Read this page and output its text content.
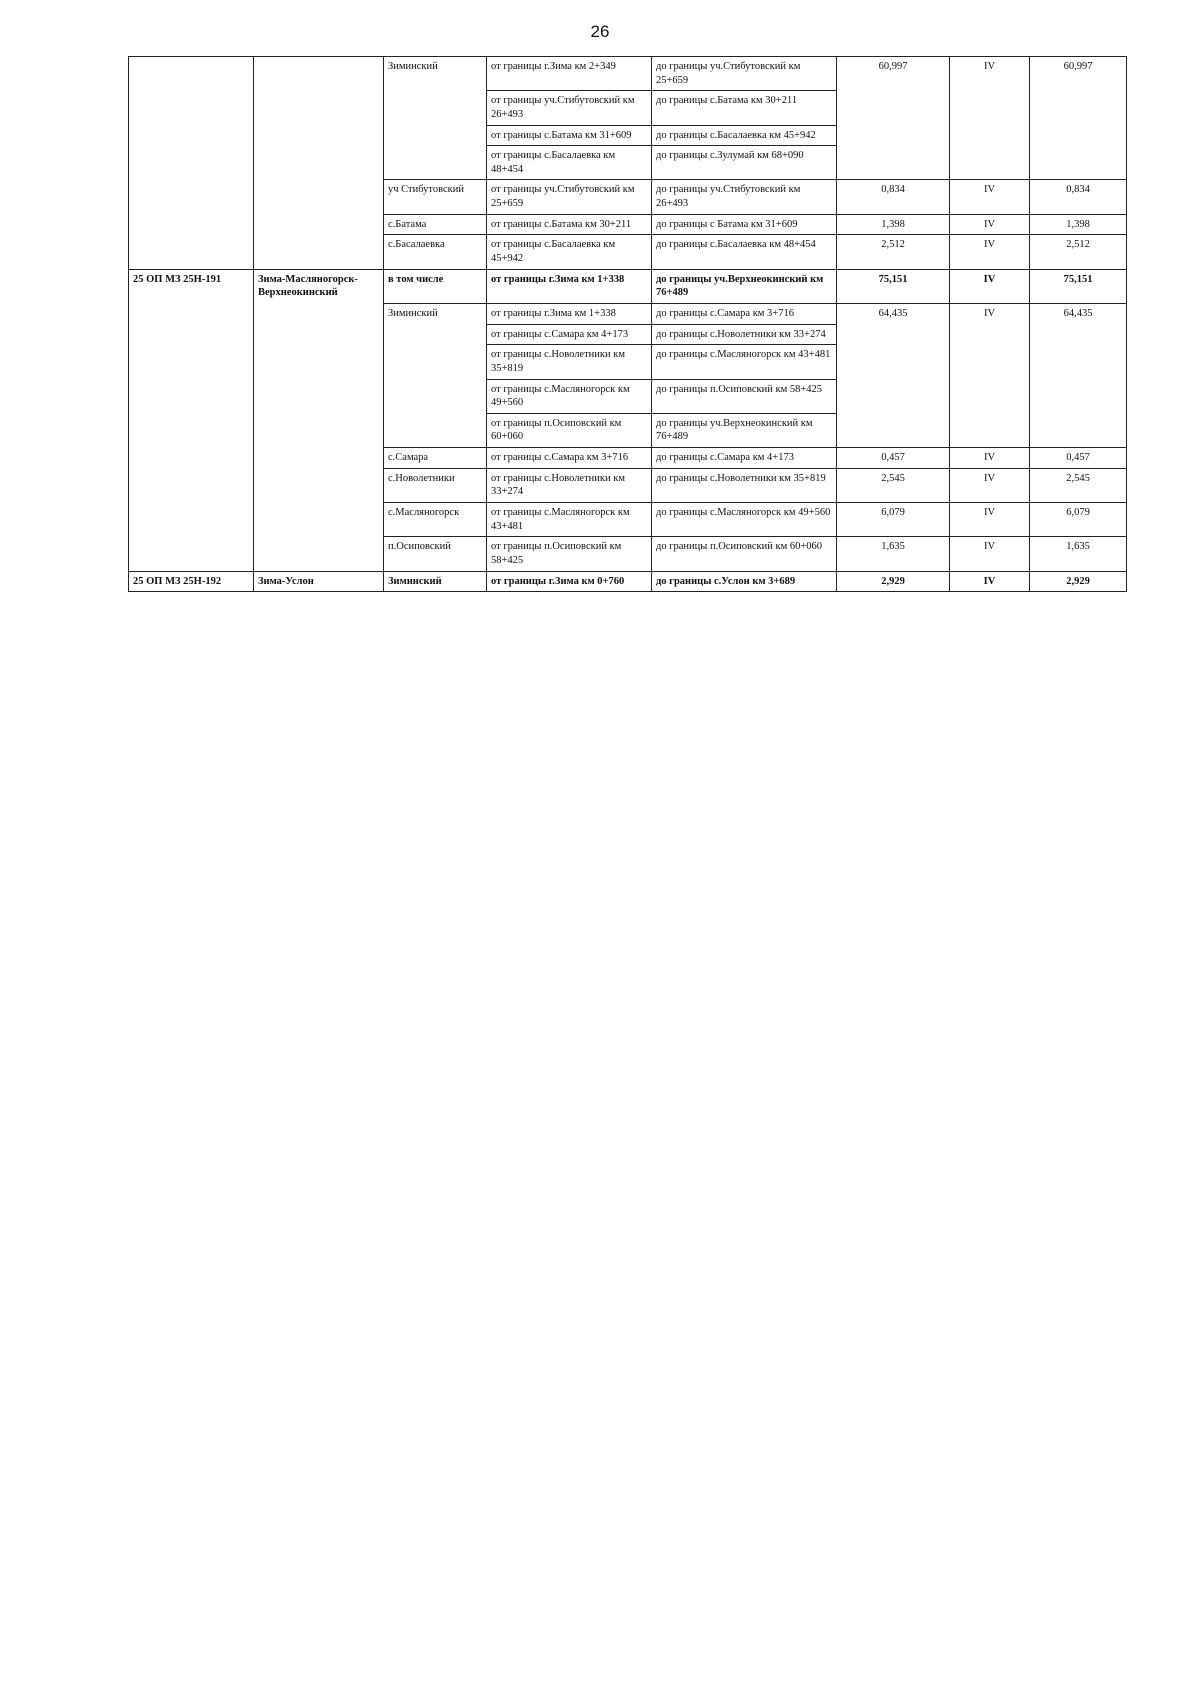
26
		Зиминский	от границы г.Зима км 2+349	до границы уч.Стибутовский км 25+659	60,997	IV	60,997
			от границы уч.Стибутовский км 26+493	до границы с.Батама км 30+211			
			от границы с.Батама км 31+609	до границы с.Басалаевка км 45+942			
			от границы с.Басалаевка км 48+454	до границы с.Зулумай км 68+090			
		уч Стибутовский	от границы уч.Стибутовский км 25+659	до границы уч.Стибутовский км 26+493	0,834	IV	0,834
		с.Батама	от границы с.Батама км 30+211	до границы с Батама км 31+609	1,398	IV	1,398
		с.Басалаевка	от границы с.Басалаевка км 45+942	до границы с.Басалаевка км 48+454	2,512	IV	2,512
25 ОП МЗ 25Н-191	Зима-Масляногорск-Верхнеокинский	в том числе	от границы г.Зима км 1+338	до границы уч.Верхнеокинский км 76+489	75,151	IV	75,151
		Зиминский	от границы г.Зима км 1+338	до границы с.Самара км 3+716	64,435	IV	64,435
			от границы с.Самара км 4+173	до границы с.Новолетники км 33+274			
			от границы с.Новолетники км 35+819	до границы с.Масляногорск км 43+481			
			от границы с.Масляногорск км 49+560	до границы п.Осиповский км 58+425			
			от границы п.Осиповский км 60+060	до границы уч.Верхнеокинский км 76+489			
		с.Самара	от границы с.Самара км 3+716	до границы с.Самара км 4+173	0,457	IV	0,457
		с.Новолетники	от границы с.Новолетники км 33+274	до границы с.Новолетники км 35+819	2,545	IV	2,545
		с.Масляногорск	от границы с.Масляногорск км 43+481	до границы с.Масляногорск км 49+560	6,079	IV	6,079
		п.Осиповский	от границы п.Осиповский км 58+425	до границы п.Осиповский км 60+060	1,635	IV	1,635
25 ОП МЗ 25Н-192	Зима-Услон	Зиминский	от границы г.Зима км 0+760	до границы с.Услон км 3+689	2,929	IV	2,929
